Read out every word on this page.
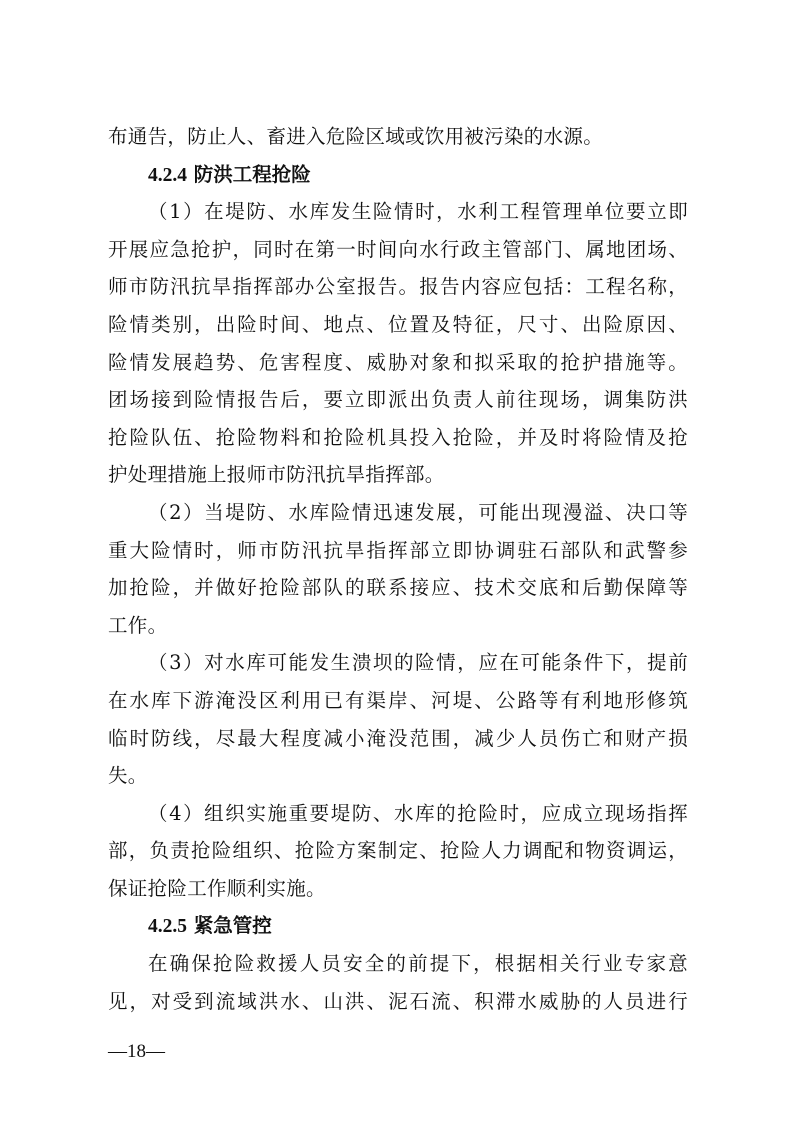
布通告，防止人、畜进入危险区域或饮用被污染的水源。
4.2.4 防洪工程抢险
（1）在堤防、水库发生险情时，水利工程管理单位要立即
开展应急抢护，同时在第一时间向水行政主管部门、属地团场、
师市防汛抗旱指挥部办公室报告。报告内容应包括：工程名称，
险情类别，出险时间、地点、位置及特征，尺寸、出险原因、
险情发展趋势、危害程度、威胁对象和拟采取的抢护措施等。
团场接到险情报告后，要立即派出负责人前往现场，调集防洪
抢险队伍、抢险物料和抢险机具投入抢险，并及时将险情及抢
护处理措施上报师市防汛抗旱指挥部。
（2）当堤防、水库险情迅速发展，可能出现漫溢、决口等
重大险情时，师市防汛抗旱指挥部立即协调驻石部队和武警参
加抢险，并做好抢险部队的联系接应、技术交底和后勤保障等
工作。
（3）对水库可能发生溃坝的险情，应在可能条件下，提前
在水库下游淹没区利用已有渠岸、河堤、公路等有利地形修筑
临时防线，尽最大程度减小淹没范围，减少人员伤亡和财产损
失。
（4）组织实施重要堤防、水库的抢险时，应成立现场指挥
部，负责抢险组织、抢险方案制定、抢险人力调配和物资调运，
保证抢险工作顺利实施。
4.2.5 紧急管控
在确保抢险救援人员安全的前提下，根据相关行业专家意
见，对受到流域洪水、山洪、泥石流、积滞水威胁的人员进行
—18—
